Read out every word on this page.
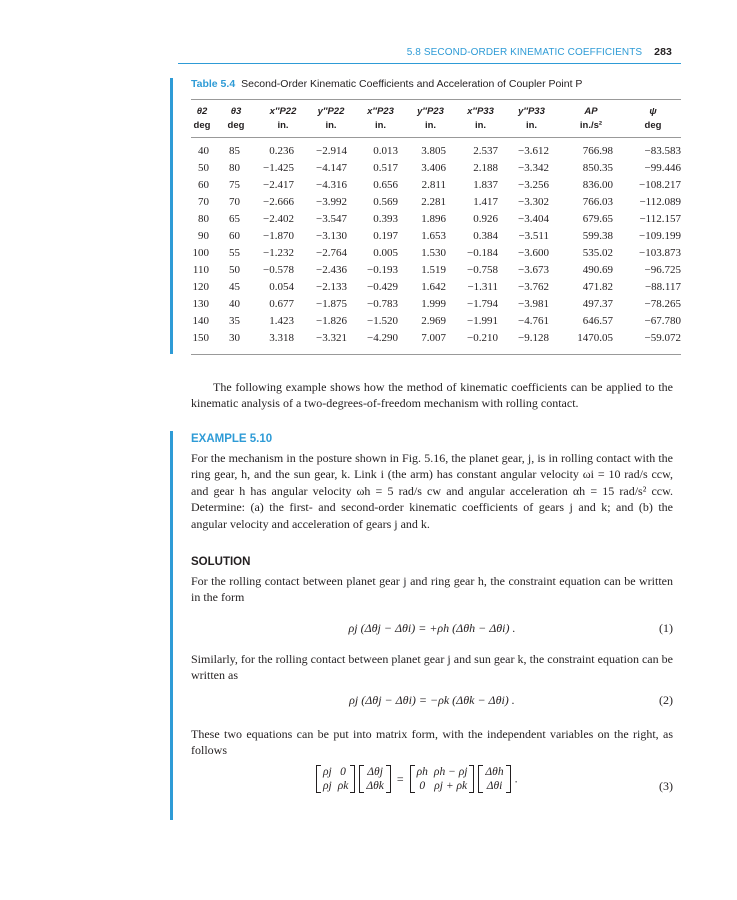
5.8 SECOND-ORDER KINEMATIC COEFFICIENTS 283
Table 5.4 Second-Order Kinematic Coefficients and Acceleration of Coupler Point P
θ2	θ3	x″P22	y″P22	x″P23	y″P23	x″P33	y″P33	AP	ψ
deg	deg	in.	in.	in.	in.	in.	in.	in./s²	deg
40	85	0.236	−2.914	0.013	3.805	2.537	−3.612	766.98	−83.583
50	80	−1.425	−4.147	0.517	3.406	2.188	−3.342	850.35	−99.446
60	75	−2.417	−4.316	0.656	2.811	1.837	−3.256	836.00	−108.217
70	70	−2.666	−3.992	0.569	2.281	1.417	−3.302	766.03	−112.089
80	65	−2.402	−3.547	0.393	1.896	0.926	−3.404	679.65	−112.157
90	60	−1.870	−3.130	0.197	1.653	0.384	−3.511	599.38	−109.199
100	55	−1.232	−2.764	0.005	1.530	−0.184	−3.600	535.02	−103.873
110	50	−0.578	−2.436	−0.193	1.519	−0.758	−3.673	490.69	−96.725
120	45	0.054	−2.133	−0.429	1.642	−1.311	−3.762	471.82	−88.117
130	40	0.677	−1.875	−0.783	1.999	−1.794	−3.981	497.37	−78.265
140	35	1.423	−1.826	−1.520	2.969	−1.991	−4.761	646.57	−67.780
150	30	3.318	−3.321	−4.290	7.007	−0.210	−9.128	1470.05	−59.072
The following example shows how the method of kinematic coefficients can be applied to the kinematic analysis of a two-degrees-of-freedom mechanism with rolling contact.
EXAMPLE 5.10
For the mechanism in the posture shown in Fig. 5.16, the planet gear, j, is in rolling contact with the ring gear, h, and the sun gear, k. Link i (the arm) has constant angular velocity ωi = 10 rad/s ccw, and gear h has angular velocity ωh = 5 rad/s cw and angular acceleration αh = 15 rad/s² ccw. Determine: (a) the first- and second-order kinematic coefficients of gears j and k; and (b) the angular velocity and acceleration of gears j and k.
SOLUTION
For the rolling contact between planet gear j and ring gear h, the constraint equation can be written in the form
ρj (Δθj − Δθi) = +ρh (Δθh − Δθi) .	(1)
Similarly, for the rolling contact between planet gear j and sun gear k, the constraint equation can be written as
ρj (Δθj − Δθi) = −ρk (Δθk − Δθi) .	(2)
These two equations can be put into matrix form, with the independent variables on the right, as follows
ρj	0
ρj	ρk

Δθj
Δθk
= ρh	ρh − ρj
0	ρj + ρk

Δθh
Δθi
.
(3)
